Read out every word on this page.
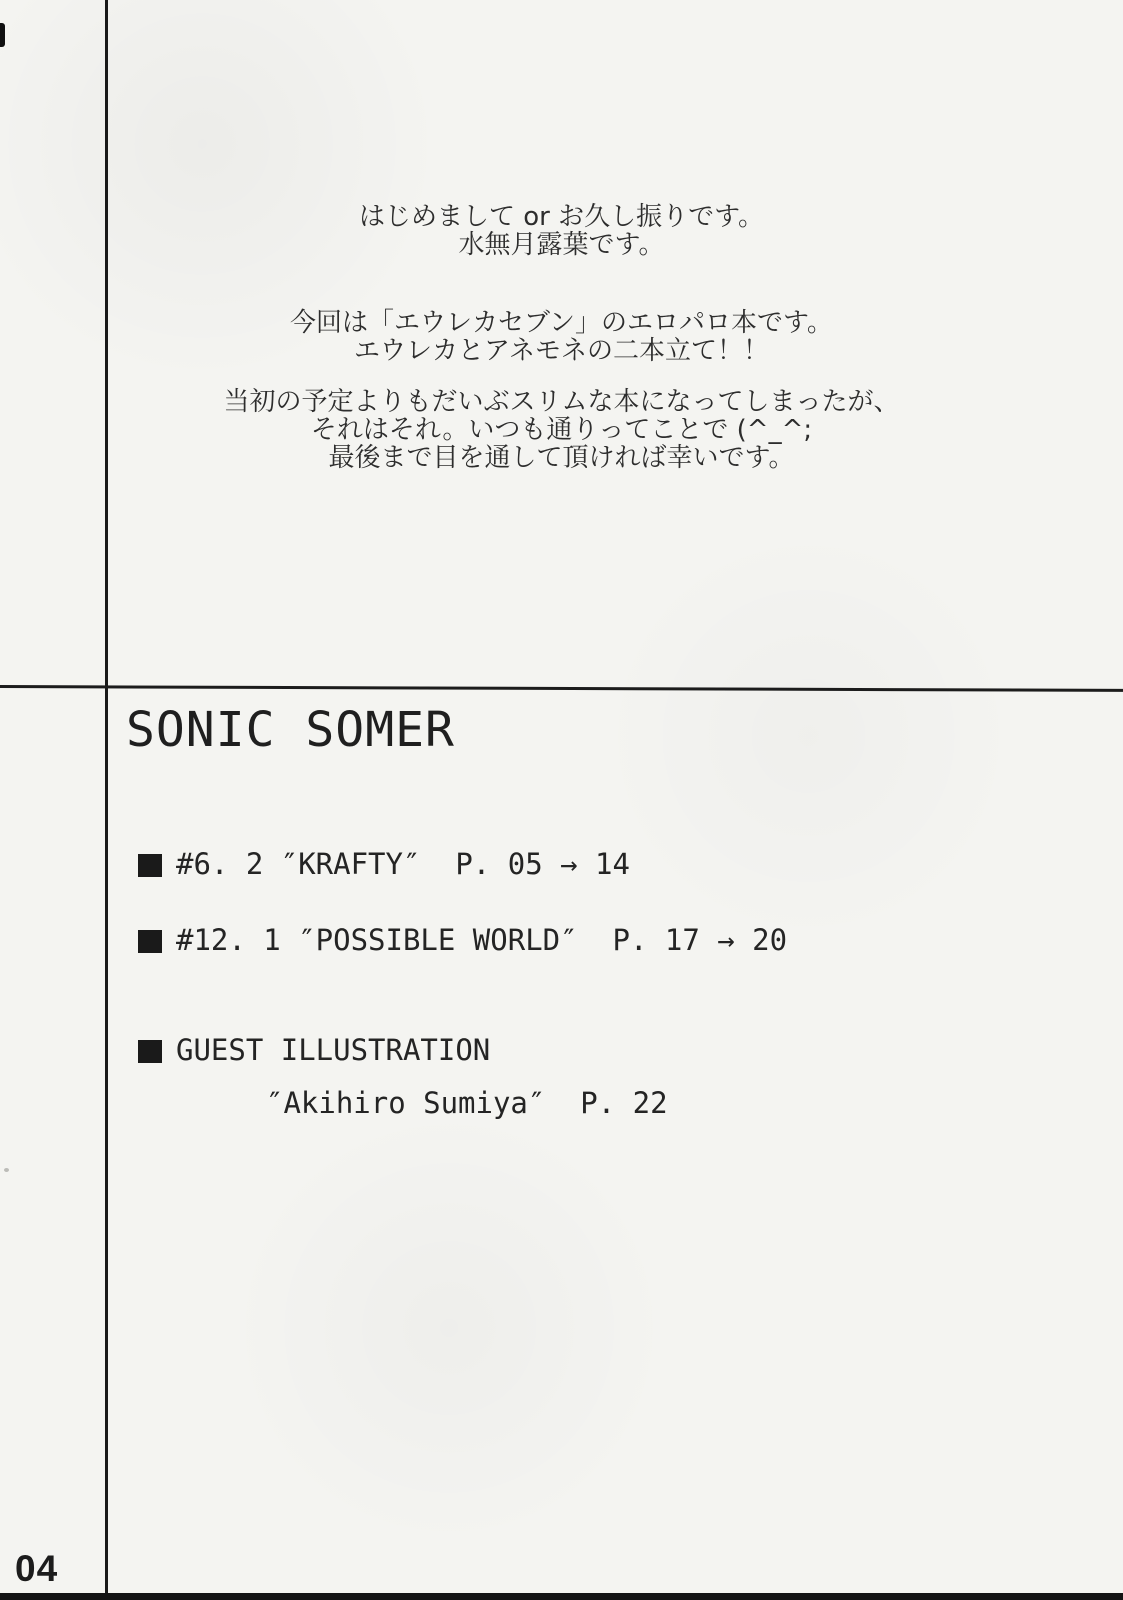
はじめまして or お久し振りです。

水無月露葉です。

今回は「エウレカセブン」のエロパロ本です。

エウレカとアネモネの二本立て！！

当初の予定よりもだいぶスリムな本になってしまったが、

それはそれ。いつも通りってことで (^_^;

最後まで目を通して頂ければ幸いです。

SONIC SOMER
#6. 2 ″KRAFTY″  P. 05 → 14
#12. 1 ″POSSIBLE WORLD″  P. 17 → 20
GUEST ILLUSTRATION
″Akihiro Sumiya″  P. 22
04
